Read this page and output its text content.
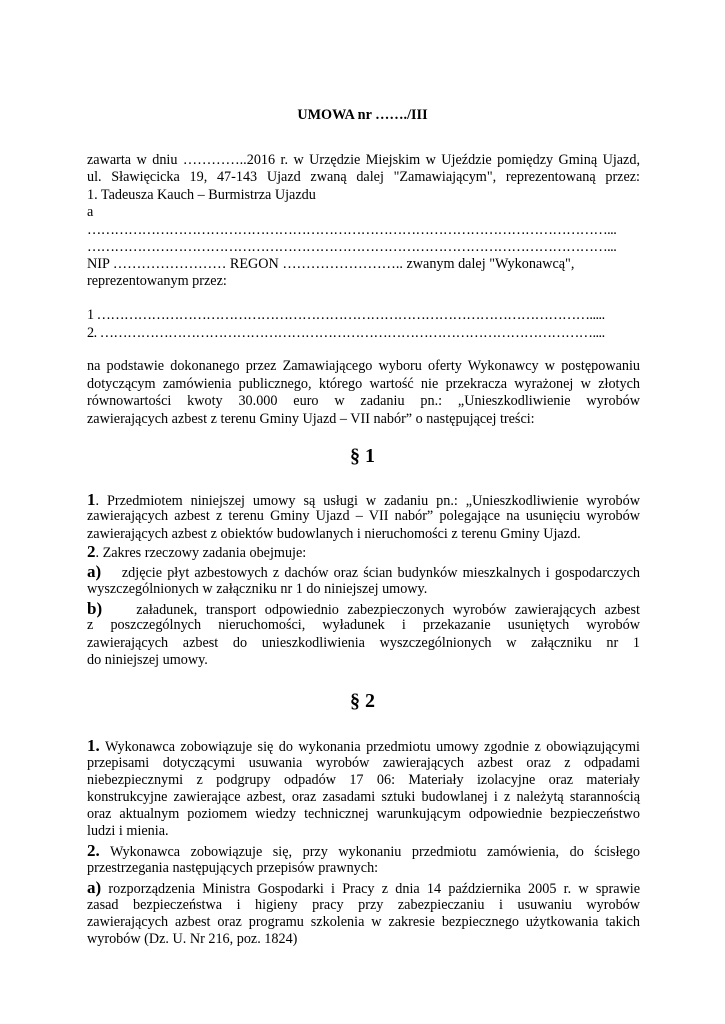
UMOWA nr ……./III
zawarta w dniu …………..2016 r. w Urzędzie Miejskim w Ujeździe pomiędzy Gminą Ujazd,
ul. Sławięcicka 19, 47-143 Ujazd zwaną dalej "Zamawiającym", reprezentowaną przez:
1. Tadeusza Kauch – Burmistrza Ujazdu
a
……………………………………………………………………………………………………...
……………………………………………………………………………………………………...
NIP …………………… REGON …………………….. zwanym dalej "Wykonawcą",
reprezentowanym przez:
1 ……………………………………………………………………………………………….....
2. ………………………………………………………………………………………………....
na podstawie dokonanego przez Zamawiającego wyboru oferty Wykonawcy w postępowaniu
dotyczącym zamówienia publicznego, którego wartość nie przekracza wyrażonej w złotych
równowartości kwoty 30.000 euro w zadaniu pn.: „Unieszkodliwienie wyrobów
zawierających azbest z terenu Gminy Ujazd – VII nabór” o następującej treści:
§ 1
1. Przedmiotem niniejszej umowy są usługi w zadaniu pn.: „Unieszkodliwienie wyrobów
zawierających azbest z terenu Gminy Ujazd – VII nabór” polegające na usunięciu wyrobów
zawierających azbest z obiektów budowlanych i nieruchomości z terenu Gminy Ujazd.
2. Zakres rzeczowy zadania obejmuje:
a) zdjęcie płyt azbestowych z dachów oraz ścian budynków mieszkalnych i gospodarczych
wyszczególnionych w załączniku nr 1 do niniejszej umowy.
b) załadunek, transport odpowiednio zabezpieczonych wyrobów zawierających azbest
z poszczególnych nieruchomości, wyładunek i przekazanie usuniętych wyrobów
zawierających azbest do unieszkodliwienia wyszczególnionych w załączniku nr 1
do niniejszej umowy.
§ 2
1. Wykonawca zobowiązuje się do wykonania przedmiotu umowy zgodnie z obowiązującymi
przepisami dotyczącymi usuwania wyrobów zawierających azbest oraz z odpadami
niebezpiecznymi z podgrupy odpadów 17 06: Materiały izolacyjne oraz materiały
konstrukcyjne zawierające azbest, oraz zasadami sztuki budowlanej i z należytą starannością
oraz aktualnym poziomem wiedzy technicznej warunkującym odpowiednie bezpieczeństwo
ludzi i mienia.
2. Wykonawca zobowiązuje się, przy wykonaniu przedmiotu zamówienia, do ścisłego
przestrzegania następujących przepisów prawnych:
a) rozporządzenia Ministra Gospodarki i Pracy z dnia 14 października 2005 r. w sprawie
zasad bezpieczeństwa i higieny pracy przy zabezpieczaniu i usuwaniu wyrobów
zawierających azbest oraz programu szkolenia w zakresie bezpiecznego użytkowania takich
wyrobów (Dz. U. Nr 216, poz. 1824)
